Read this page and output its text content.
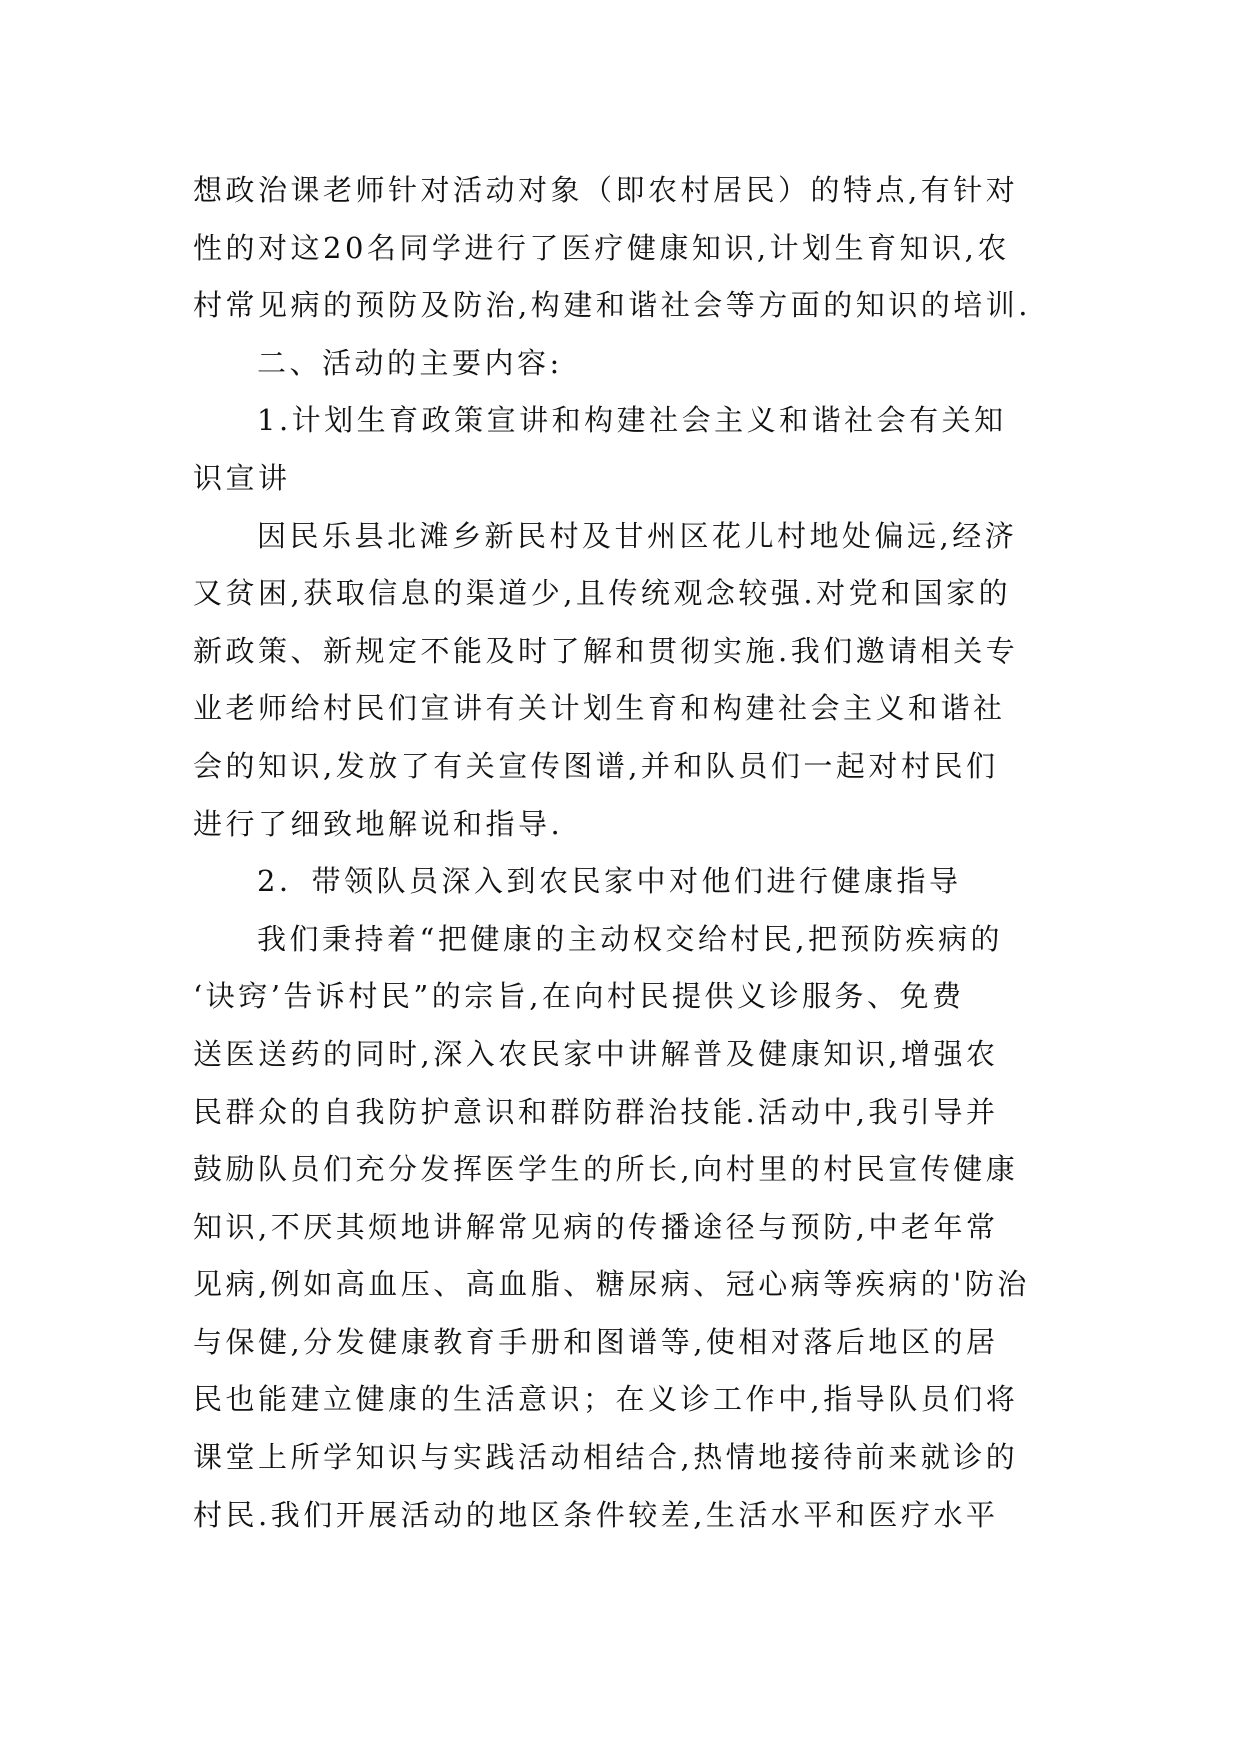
想政治课老师针对活动对象（即农村居民）的特点,有针对
性的对这20名同学进行了医疗健康知识,计划生育知识,农
村常见病的预防及防治,构建和谐社会等方面的知识的培训.
二、活动的主要内容:
1.计划生育政策宣讲和构建社会主义和谐社会有关知
识宣讲
因民乐县北滩乡新民村及甘州区花儿村地处偏远,经济
又贫困,获取信息的渠道少,且传统观念较强.对党和国家的
新政策、新规定不能及时了解和贯彻实施.我们邀请相关专
业老师给村民们宣讲有关计划生育和构建社会主义和谐社
会的知识,发放了有关宣传图谱,并和队员们一起对村民们
进行了细致地解说和指导.
2．带领队员深入到农民家中对他们进行健康指导
我们秉持着“把健康的主动权交给村民,把预防疾病的
‘诀窍’告诉村民”的宗旨,在向村民提供义诊服务、免费
送医送药的同时,深入农民家中讲解普及健康知识,增强农
民群众的自我防护意识和群防群治技能.活动中,我引导并
鼓励队员们充分发挥医学生的所长,向村里的村民宣传健康
知识,不厌其烦地讲解常见病的传播途径与预防,中老年常
见病,例如高血压、高血脂、糖尿病、冠心病等疾病的'防治
与保健,分发健康教育手册和图谱等,使相对落后地区的居
民也能建立健康的生活意识；在义诊工作中,指导队员们将
课堂上所学知识与实践活动相结合,热情地接待前来就诊的
村民.我们开展活动的地区条件较差,生活水平和医疗水平
